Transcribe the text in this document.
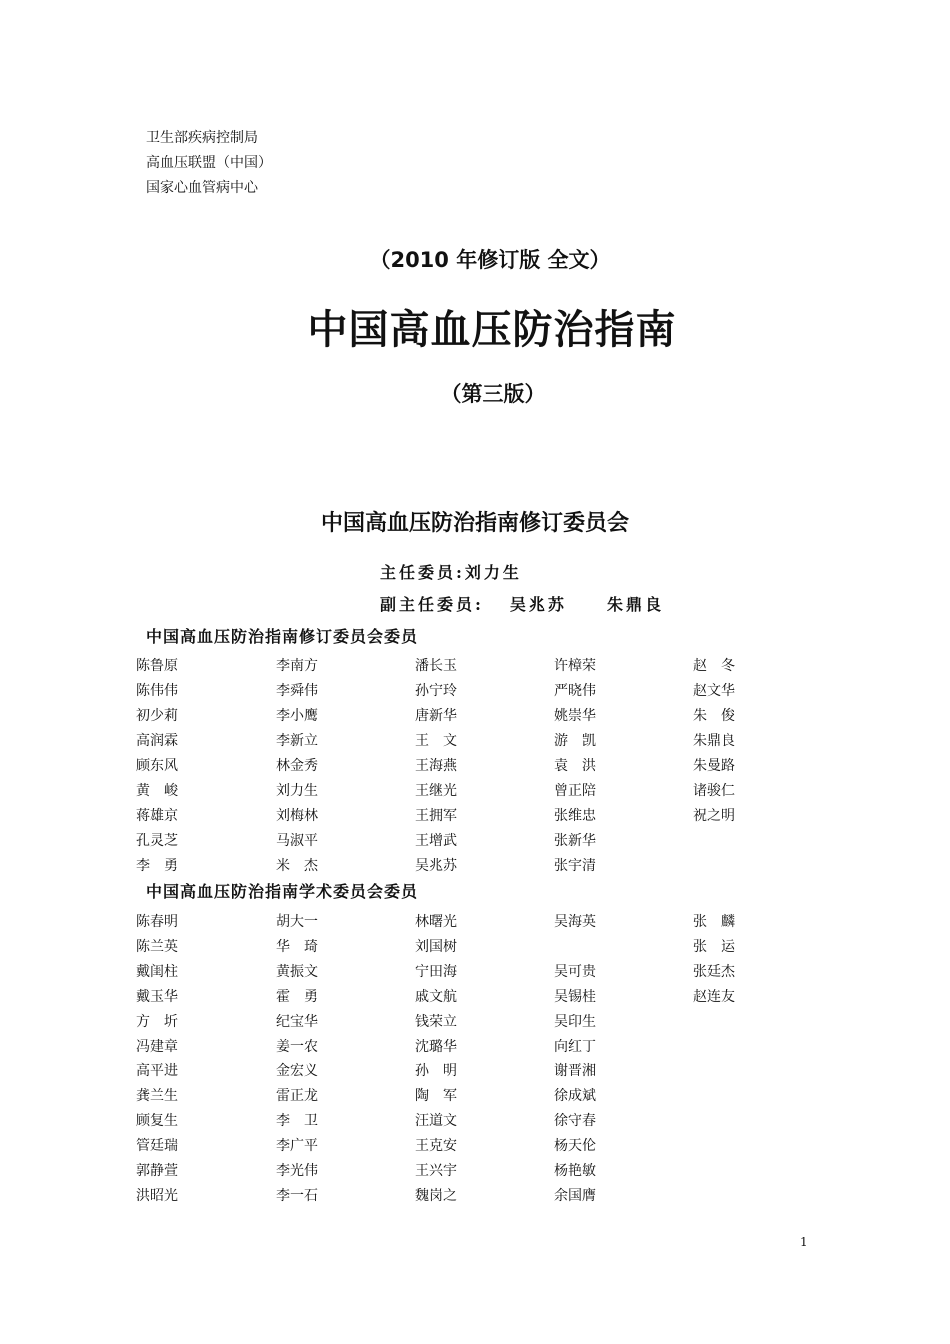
卫生部疾病控制局
高血压联盟（中国）
国家心血管病中心
（2010 年修订版 全文）
中国高血压防治指南
（第三版）
中国高血压防治指南修订委员会
主任委员:刘力生
副主任委员: 吴兆苏	朱鼎良
中国高血压防治指南修订委员会委员
陈鲁原
陈伟伟
初少莉
高润霖
顾东风
黄　峻
蒋雄京
孔灵芝
李　勇
李南方
李舜伟
李小鹰
李新立
林金秀
刘力生
刘梅林
马淑平
米　杰
潘长玉
孙宁玲
唐新华
王　文
王海燕
王继光
王拥军
王增武
吴兆苏
许樟荣
严晓伟
姚崇华
游　凯
袁　洪
曾正陪
张维忠
张新华
张宇清
赵　冬
赵文华
朱　俊
朱鼎良
朱曼路
诸骏仁
祝之明
中国高血压防治指南学术委员会委员
陈春明
陈兰英
戴闺柱
戴玉华
方　圻
冯建章
高平进
龚兰生
顾复生
管廷瑞
郭静萱
洪昭光
胡大一
华　琦
黄振文
霍　勇
纪宝华
姜一农
金宏义
雷正龙
李　卫
李广平
李光伟
李一石
林曙光
刘国树
宁田海
戚文航
钱荣立
沈璐华
孙　明
陶　军
汪道文
王克安
王兴宇
魏岗之
吴海英
吴可贵
吴锡桂
吴印生
向红丁
谢晋湘
徐成斌
徐守春
杨天伦
杨艳敏
余国膺
张　麟
张　运
张廷杰
赵连友
1
